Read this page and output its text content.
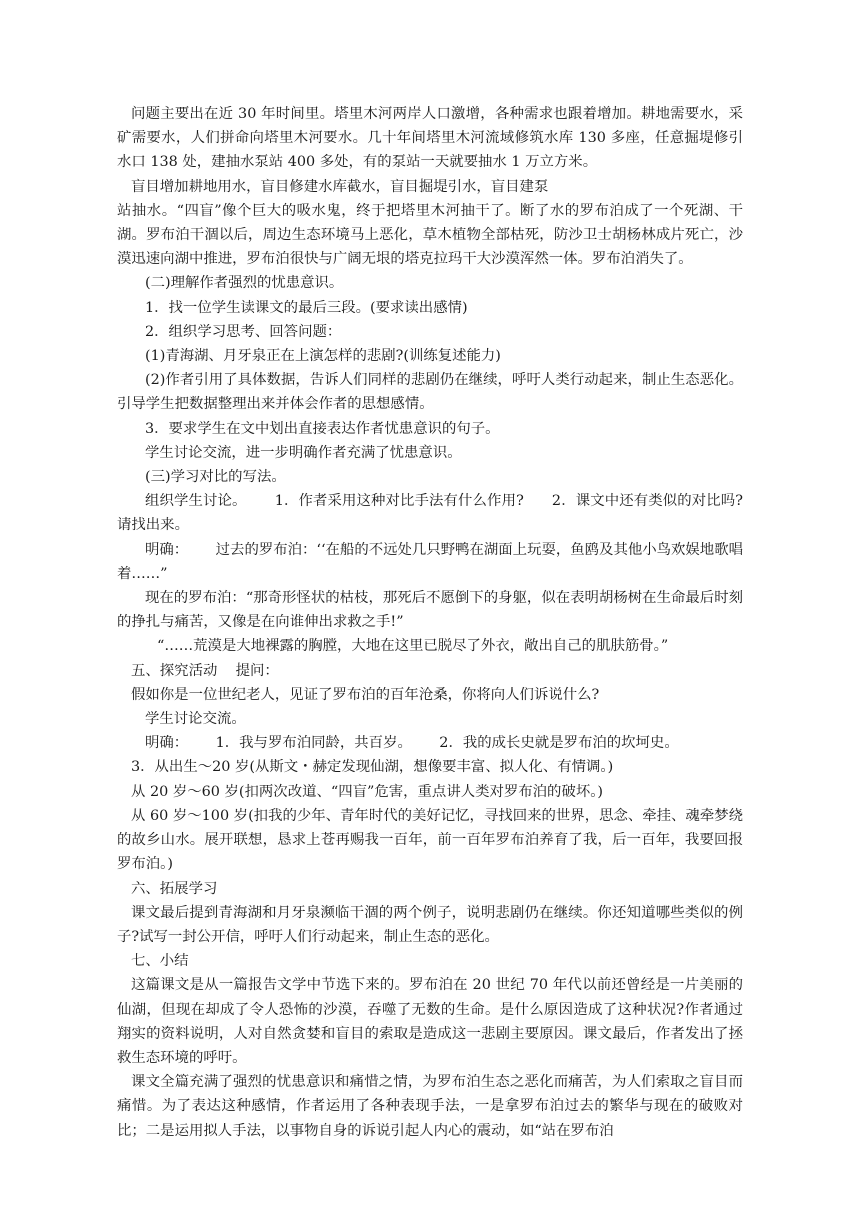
问题主要出在近 30 年时间里。塔里木河两岸人口激增，各种需求也跟着增加。耕地需要水，采矿需要水，人们拼命向塔里木河要水。几十年间塔里木河流域修筑水库 130 多座，任意掘堤修引水口 138 处，建抽水泵站 400 多处，有的泵站一天就要抽水 1 万立方米。

盲目增加耕地用水，盲目修建水库截水，盲目掘堤引水，盲目建泵

站抽水。“四盲”像个巨大的吸水鬼，终于把塔里木河抽干了。断了水的罗布泊成了一个死湖、干湖。罗布泊干涸以后，周边生态环境马上恶化，草木植物全部枯死，防沙卫士胡杨林成片死亡，沙漠迅速向湖中推进，罗布泊很快与广阔无垠的塔克拉玛干大沙漠浑然一体。罗布泊消失了。

(二)理解作者强烈的忧患意识。

1．找一位学生读课文的最后三段。(要求读出感情)

2．组织学习思考、回答问题：

(1)青海湖、月牙泉正在上演怎样的悲剧?(训练复述能力)

(2)作者引用了具体数据，告诉人们同样的悲剧仍在继续，呼吁人类行动起来，制止生态恶化。引导学生把数据整理出来并体会作者的思想感情。

3．要求学生在文中划出直接表达作者忧患意识的句子。

学生讨论交流，进一步明确作者充满了忧患意识。

(三)学习对比的写法。

组织学生讨论。      1．作者采用这种对比手法有什么作用?      2．课文中还有类似的对比吗?请找出来。

明确：      过去的罗布泊：‘‘在船的不远处几只野鸭在湖面上玩耍，鱼鸥及其他小鸟欢娱地歌唱着……”

现在的罗布泊：“那奇形怪状的枯枝，那死后不愿倒下的身躯，似在表明胡杨树在生命最后时刻的挣扎与痛苦，又像是在向谁伸出求救之手!”

“……荒漠是大地裸露的胸膛，大地在这里已脱尽了外衣，敞出自己的肌肤筋骨。”

五、探究活动    提问：

假如你是一位世纪老人，见证了罗布泊的百年沧桑，你将向人们诉说什么?

学生讨论交流。

明确：      1．我与罗布泊同龄，共百岁。      2．我的成长史就是罗布泊的坎坷史。

3．从出生～20 岁(从斯文・赫定发现仙湖，想像要丰富、拟人化、有情调。)

从 20 岁～60 岁(扣两次改道、“四盲”危害，重点讲人类对罗布泊的破坏。)

从 60 岁～100 岁(扣我的少年、青年时代的美好记忆，寻找回来的世界，思念、牵挂、魂牵梦绕的故乡山水。展开联想，恳求上苍再赐我一百年，前一百年罗布泊养育了我，后一百年，我要回报罗布泊。)

六、拓展学习

课文最后提到青海湖和月牙泉濒临干涸的两个例子，说明悲剧仍在继续。你还知道哪些类似的例子?试写一封公开信，呼吁人们行动起来，制止生态的恶化。

七、小结

这篇课文是从一篇报告文学中节选下来的。罗布泊在 20 世纪 70 年代以前还曾经是一片美丽的仙湖，但现在却成了令人恐怖的沙漠，吞噬了无数的生命。是什么原因造成了这种状况?作者通过翔实的资料说明，人对自然贪婪和盲目的索取是造成这一悲剧主要原因。课文最后，作者发出了拯救生态环境的呼吁。

课文全篇充满了强烈的忧患意识和痛惜之情，为罗布泊生态之恶化而痛苦，为人们索取之盲目而痛惜。为了表达这种感情，作者运用了各种表现手法，一是拿罗布泊过去的繁华与现在的破败对比；二是运用拟人手法，以事物自身的诉说引起人内心的震动，如“站在罗布泊
